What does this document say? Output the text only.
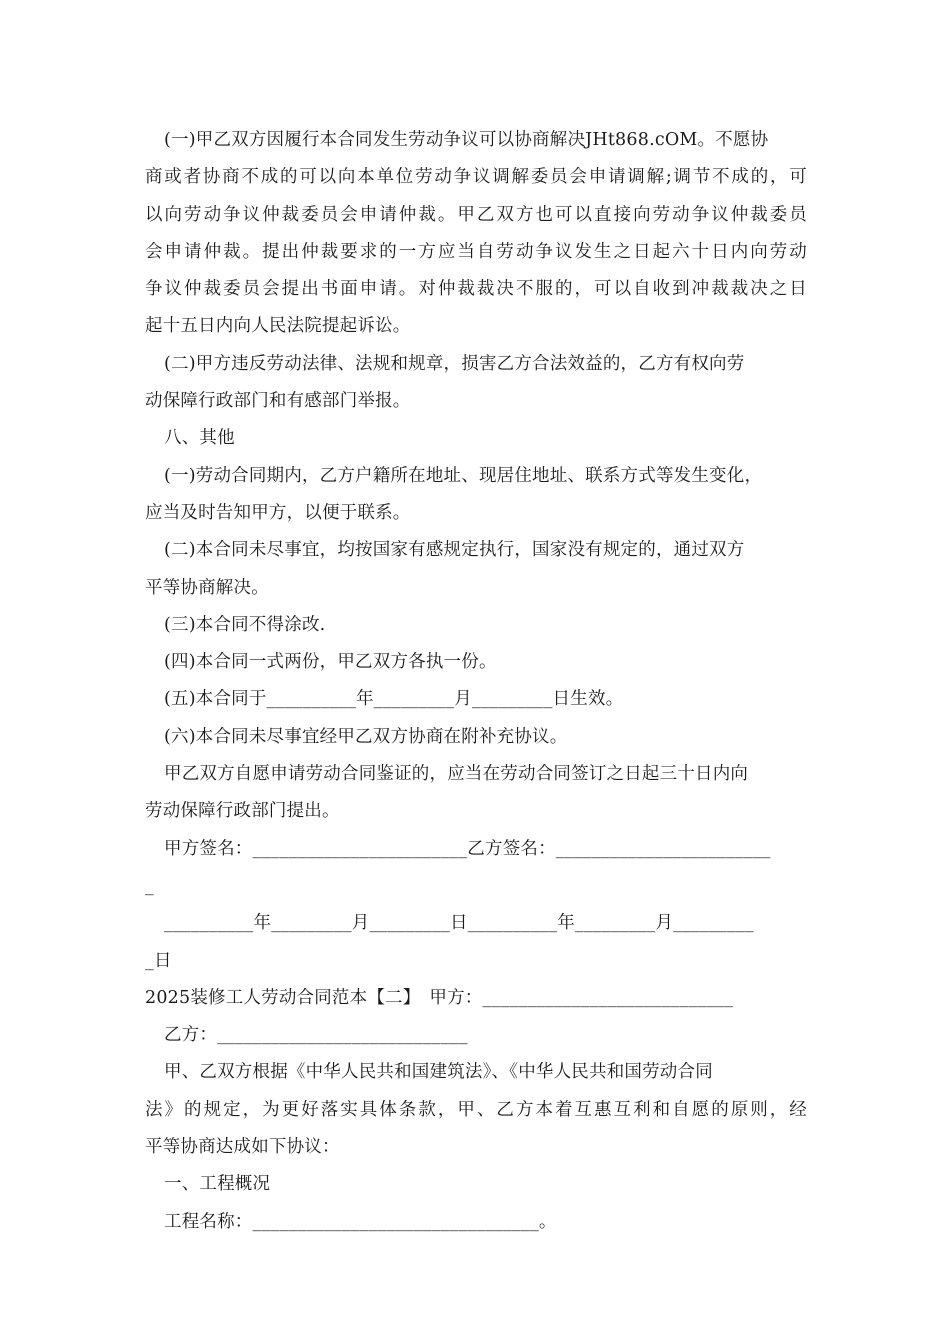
(一)甲乙双方因履行本合同发生劳动争议可以协商解决JHt868.cOM。不愿协
商或者协商不成的可以向本单位劳动争议调解委员会申请调解;调节不成的，可
以向劳动争议仲裁委员会申请仲裁。甲乙双方也可以直接向劳动争议仲裁委员
会申请仲裁。提出仲裁要求的一方应当自劳动争议发生之日起六十日内向劳动
争议仲裁委员会提出书面申请。对仲裁裁决不服的，可以自收到冲裁裁决之日
起十五日内向人民法院提起诉讼。
(二)甲方违反劳动法律、法规和规章，损害乙方合法效益的，乙方有权向劳
动保障行政部门和有感部门举报。
八、其他
(一)劳动合同期内，乙方户籍所在地址、现居住地址、联系方式等发生变化，
应当及时告知甲方，以便于联系。
(二)本合同未尽事宜，均按国家有感规定执行，国家没有规定的，通过双方
平等协商解决。
(三)本合同不得涂改.
(四)本合同一式两份，甲乙双方各执一份。
(五)本合同于__________年_________月_________日生效。
(六)本合同未尽事宜经甲乙双方协商在附补充协议。
甲乙双方自愿申请劳动合同鉴证的，应当在劳动合同签订之日起三十日内向
劳动保障行政部门提出。
甲方签名：________________________乙方签名：________________________
_
__________年_________月_________日__________年_________月_________
_日
2025装修工人劳动合同范本【二】　甲方：____________________________
乙方：____________________________
甲、乙双方根据《中华人民共和国建筑法》、《中华人民共和国劳动合同
法》的规定，为更好落实具体条款，甲、乙方本着互惠互利和自愿的原则，经
平等协商达成如下协议：
一、工程概况
工程名称：________________________________。
